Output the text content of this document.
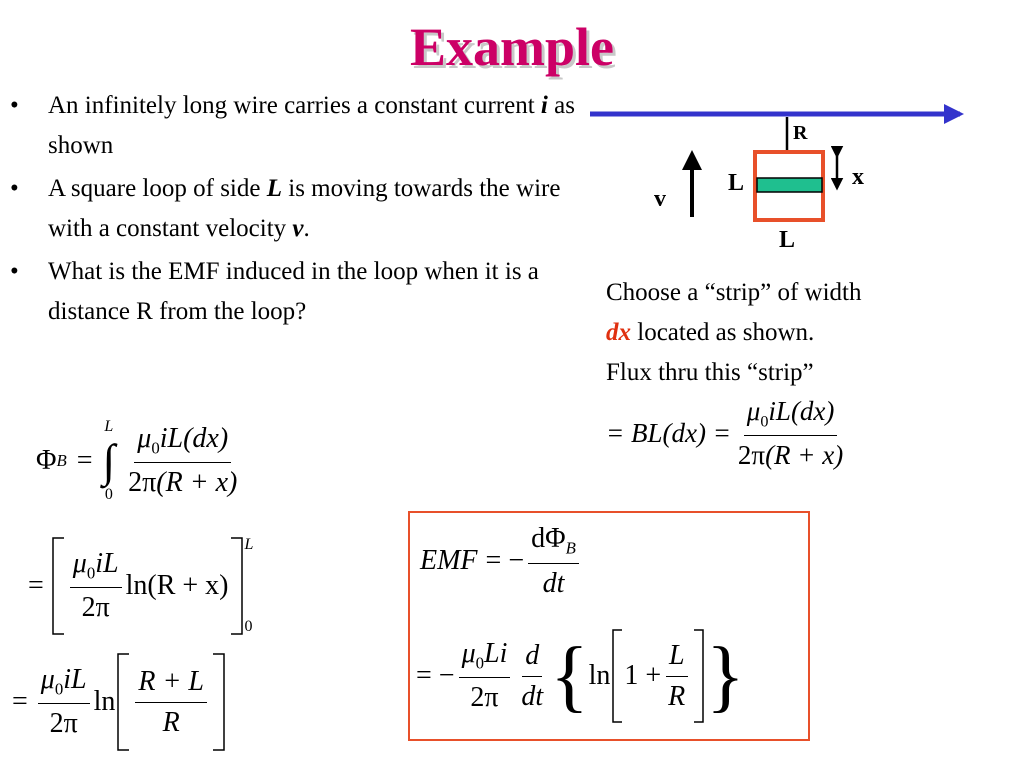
Example
• An infinitely long wire carries a constant current i as shown
• A square loop of side L is moving towards the wire with a constant velocity v.
• What is the EMF induced in the loop when it is a distance R from the loop?
R
x
L
L
v
Choose a “strip” of width
dx located as shown.
Flux thru this “strip”
= $BL(dx) = \frac{\mu_0iL(dx)}{2\pi(R + x)}$
Φ B =
L
∫
$0 \frac{\mu_0iL(dx)}{2\pi(R + x)}$
= $\frac{\mu_0iL}{2\pi} \ln(R + x)$
L
0
= $\frac{\mu_0iL}{2\pi}$ $\ln \frac{R + L}{R}$
EMF = − $\frac{d\Phi_B}{dt}$
= − $\frac{\mu_0Li}{2\pi} \frac{d}{dt}$ { $\ln 1 + \frac{L}{R}$ }
